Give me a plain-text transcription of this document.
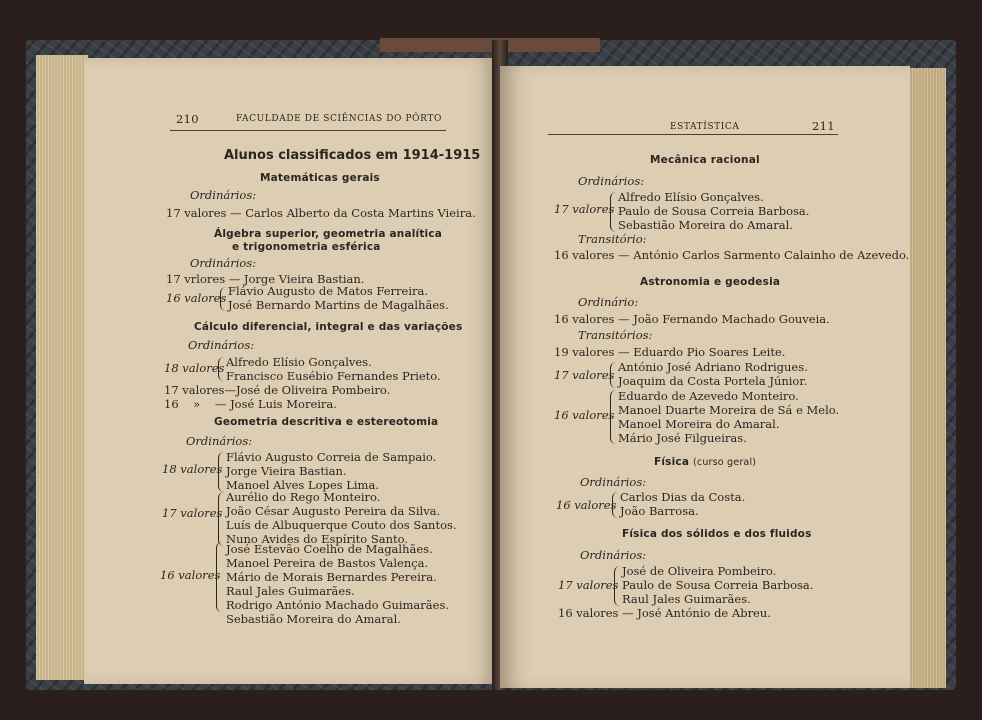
210	FACULDADE DE SCIÊNCIAS DO PÔRTO
Alunos classificados em 1914-1915
Matemáticas gerais
Ordinários:
17 valores — Carlos Alberto da Costa Martins Vieira.
Álgebra superior, geometria analítica
e trigonometria esférica
Ordinários:
17 vrlores — Jorge Vieira Bastian.
16 valores Flávio Augusto de Matos Ferreira.
José Bernardo Martins de Magalhães.
Cálculo diferencial, integral e das variações
Ordinários:
18 valores Alfredo Elísio Gonçalves.
Francisco Eusébio Fernandes Prieto.
17 valores—José de Oliveira Pombeiro.
16    »    — José Luis Moreira.
Geometria descritiva e estereotomia
Ordinários:
18 valores
Flávio Augusto Correia de Sampaio.
Jorge Vieira Bastian.
Manoel Alves Lopes Lima.
17 valores
Aurélio do Rego Monteiro.
João César Augusto Pereira da Silva.
Luís de Albuquerque Couto dos Santos.
Nuno Avides do Espírito Santo.
16 valores
José Estevão Coelho de Magalhães.
Manoel Pereira de Bastos Valença.
Mário de Morais Bernardes Pereira.
Raul Jales Guimarães.
Rodrigo António Machado Guimarães.
Sebastião Moreira do Amaral.
ESTATÍSTICA	211
Mecânica racional
Ordinários:
17 valores
Alfredo Elísio Gonçalves.
Paulo de Sousa Correia Barbosa.
Sebastião Moreira do Amaral.
Transitório:
16 valores — António Carlos Sarmento Calainho de Azevedo.
Astronomia e geodesia
Ordinário:
16 valores — João Fernando Machado Gouveia.
Transitórios:
19 valores — Eduardo Pio Soares Leite.
17 valores
António José Adriano Rodrigues.
Joaquim da Costa Portela Júnior.
16 valores
Eduardo de Azevedo Monteiro.
Manoel Duarte Moreira de Sá e Melo.
Manoel Moreira do Amaral.
Mário José Filgueiras.
Física (curso geral)
Ordinários:
16 valores
Carlos Dias da Costa.
João Barrosa.
Física dos sólidos e dos fluidos
Ordinários:
17 valores
José de Oliveira Pombeiro.
Paulo de Sousa Correia Barbosa.
Raul Jales Guimarães.
16 valores — José António de Abreu.
